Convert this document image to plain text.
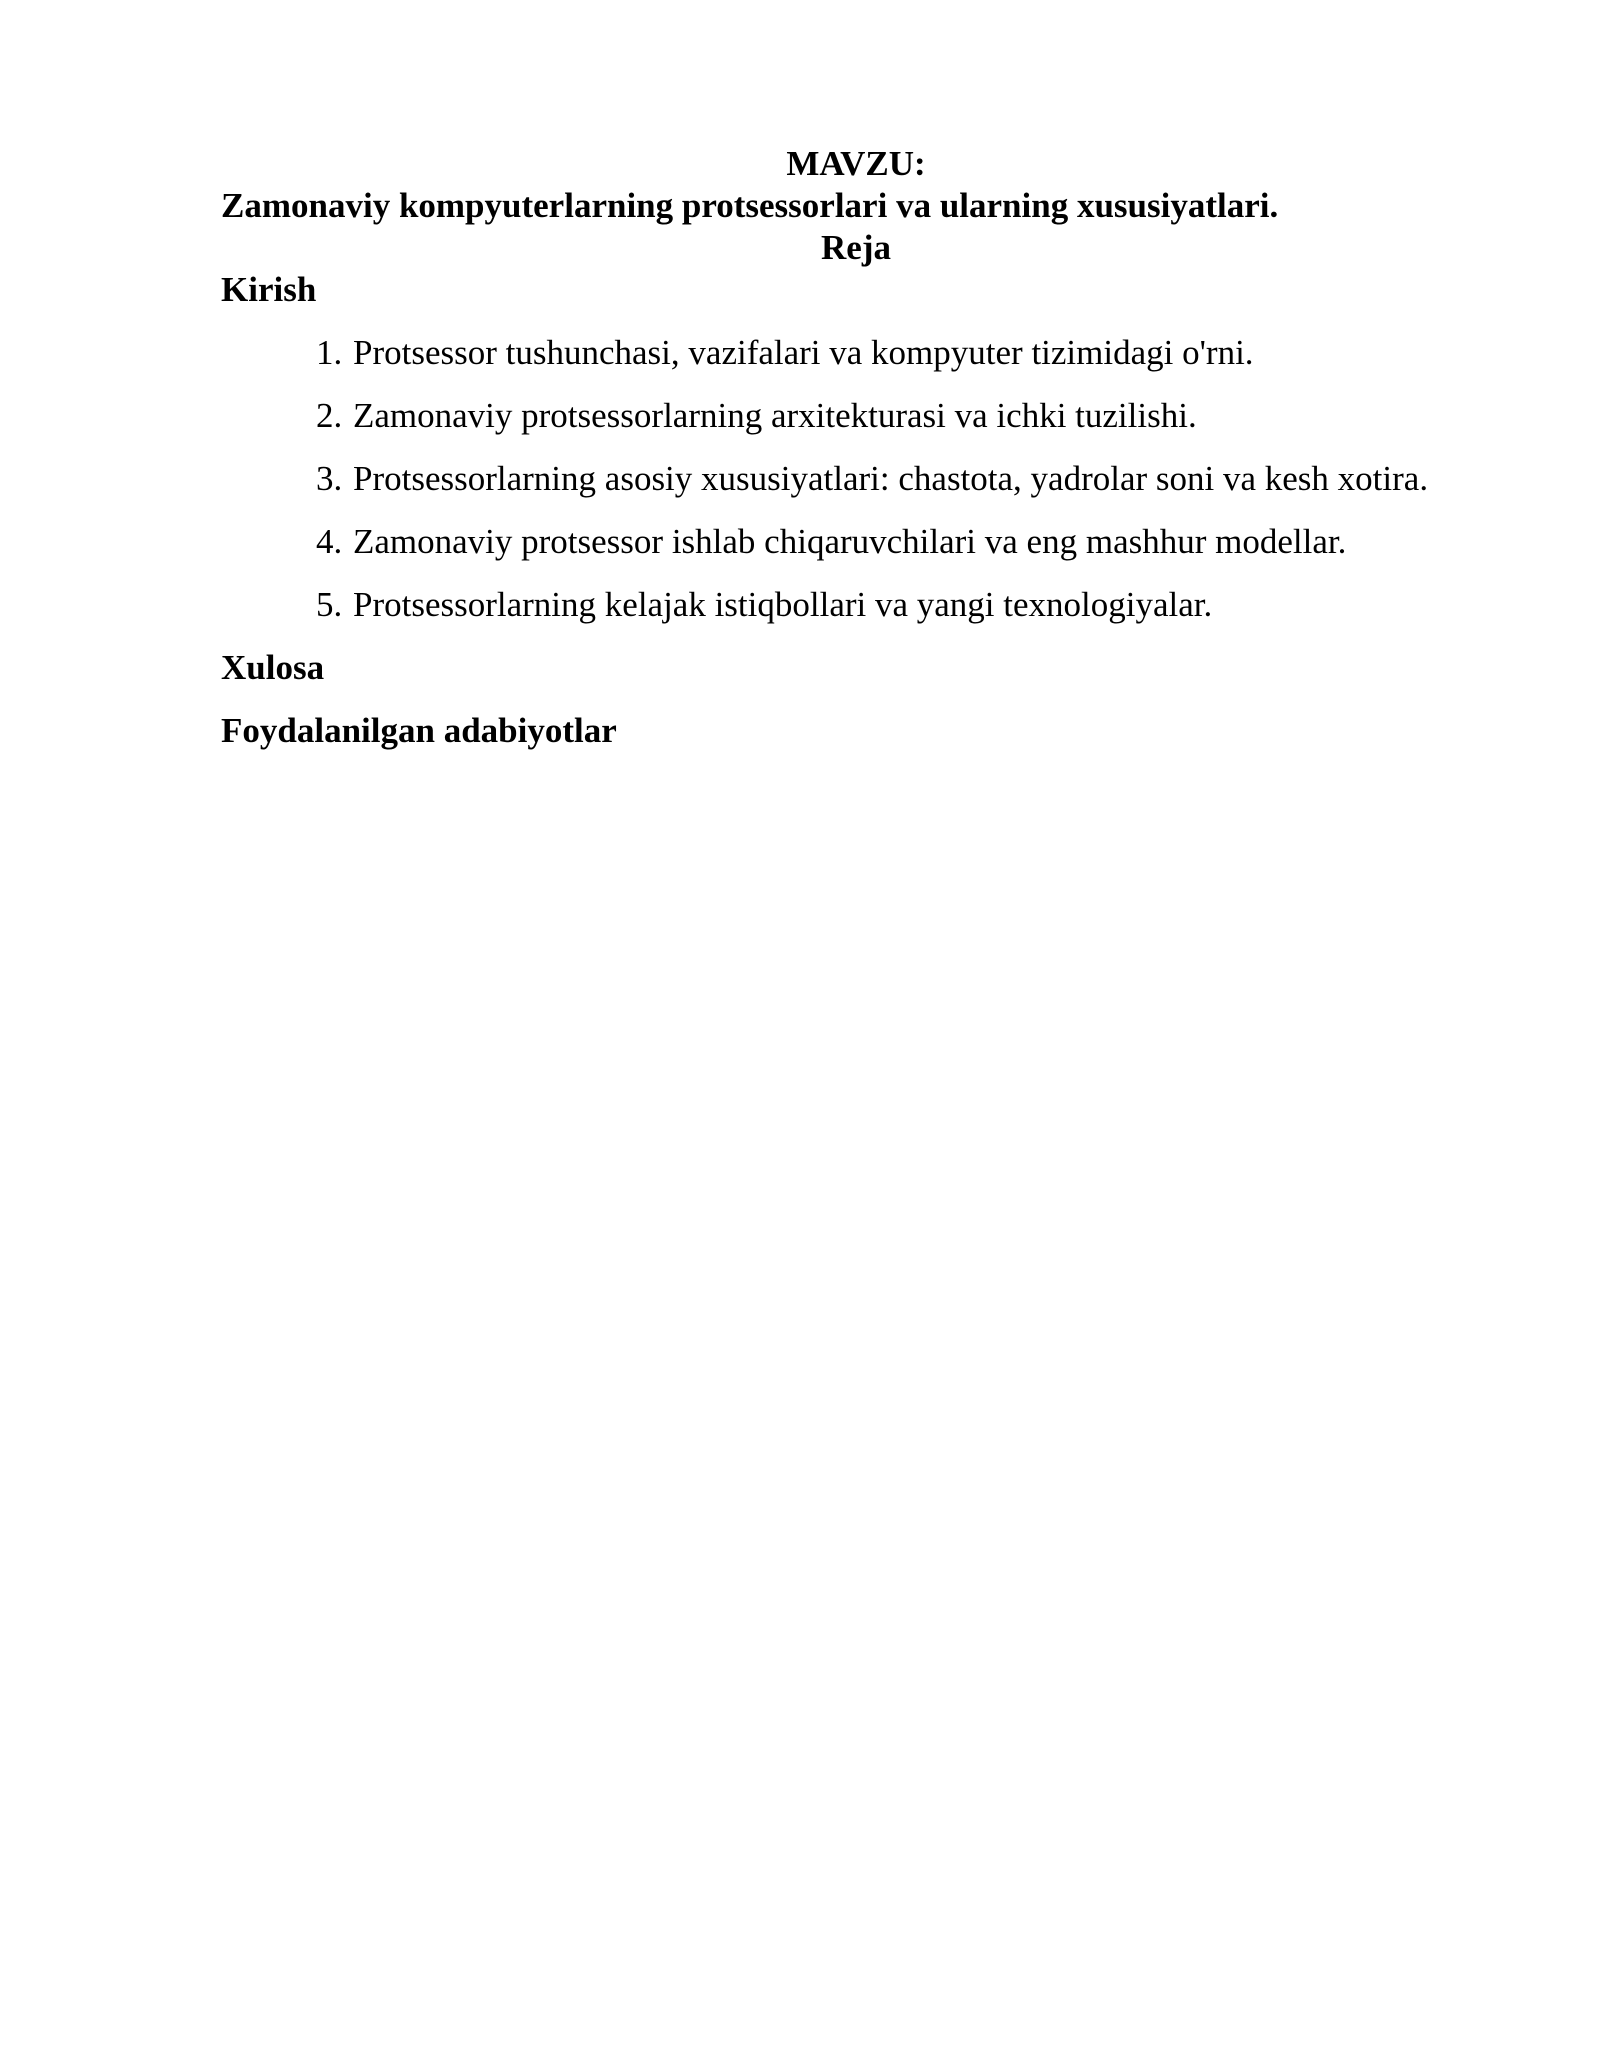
MAVZU:

Zamonaviy kompyuterlarning protsessorlari va ularning xususiyatlari.

Reja

Kirish

1. Protsessor tushunchasi, vazifalari va kompyuter tizimidagi o'rni.
2. Zamonaviy protsessorlarning arxitekturasi va ichki tuzilishi.
3. Protsessorlarning asosiy xususiyatlari: chastota, yadrolar soni va kesh xotira.
4. Zamonaviy protsessor ishlab chiqaruvchilari va eng mashhur modellar.
5. Protsessorlarning kelajak istiqbollari va yangi texnologiyalar.

Xulosa

Foydalanilgan adabiyotlar
